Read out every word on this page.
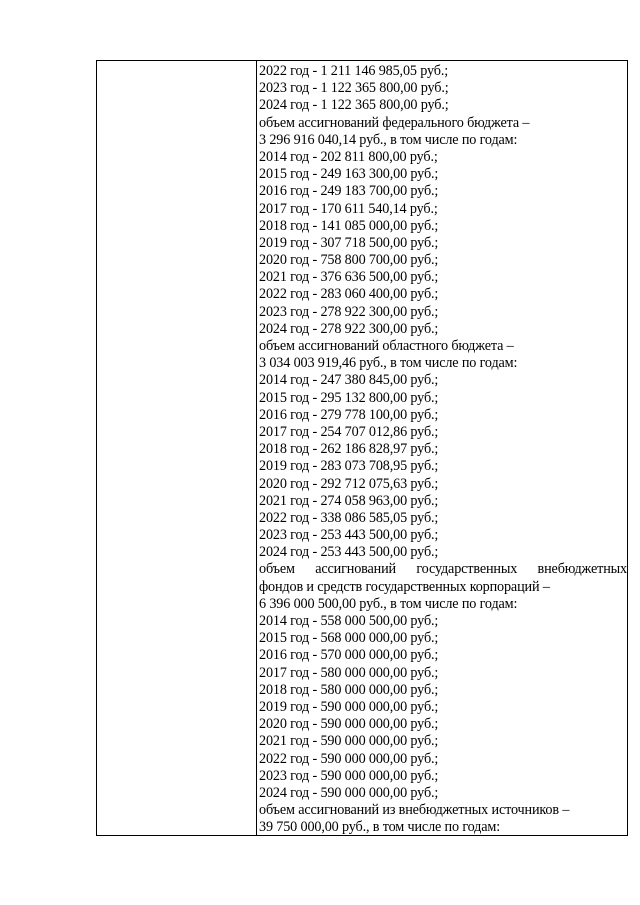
2022 год - 1 211 146 985,05 руб.;
2023 год - 1 122 365 800,00 руб.;
2024 год - 1 122 365 800,00 руб.;
объем ассигнований федерального бюджета –
3 296 916 040,14 руб., в том числе по годам:
2014 год - 202 811 800,00 руб.;
2015 год - 249 163 300,00 руб.;
2016 год - 249 183 700,00 руб.;
2017 год - 170 611 540,14 руб.;
2018 год - 141 085 000,00 руб.;
2019 год - 307 718 500,00 руб.;
2020 год - 758 800 700,00 руб.;
2021 год - 376 636 500,00 руб.;
2022 год - 283 060 400,00 руб.;
2023 год - 278 922 300,00 руб.;
2024 год - 278 922 300,00 руб.;
объем ассигнований областного бюджета –
3 034 003 919,46 руб., в том числе по годам:
2014 год - 247 380 845,00 руб.;
2015 год - 295 132 800,00 руб.;
2016 год - 279 778 100,00 руб.;
2017 год - 254 707 012,86 руб.;
2018 год - 262 186 828,97 руб.;
2019 год - 283 073 708,95 руб.;
2020 год - 292 712 075,63 руб.;
2021 год - 274 058 963,00 руб.;
2022 год - 338 086 585,05 руб.;
2023 год - 253 443 500,00 руб.;
2024 год - 253 443 500,00 руб.;
объем ассигнований государственных внебюджетных
фондов и средств государственных корпораций –
6 396 000 500,00 руб., в том числе по годам:
2014 год - 558 000 500,00 руб.;
2015 год - 568 000 000,00 руб.;
2016 год - 570 000 000,00 руб.;
2017 год - 580 000 000,00 руб.;
2018 год - 580 000 000,00 руб.;
2019 год - 590 000 000,00 руб.;
2020 год - 590 000 000,00 руб.;
2021 год - 590 000 000,00 руб.;
2022 год - 590 000 000,00 руб.;
2023 год - 590 000 000,00 руб.;
2024 год - 590 000 000,00 руб.;
объем ассигнований из внебюджетных источников –
39 750 000,00 руб., в том числе по годам:
